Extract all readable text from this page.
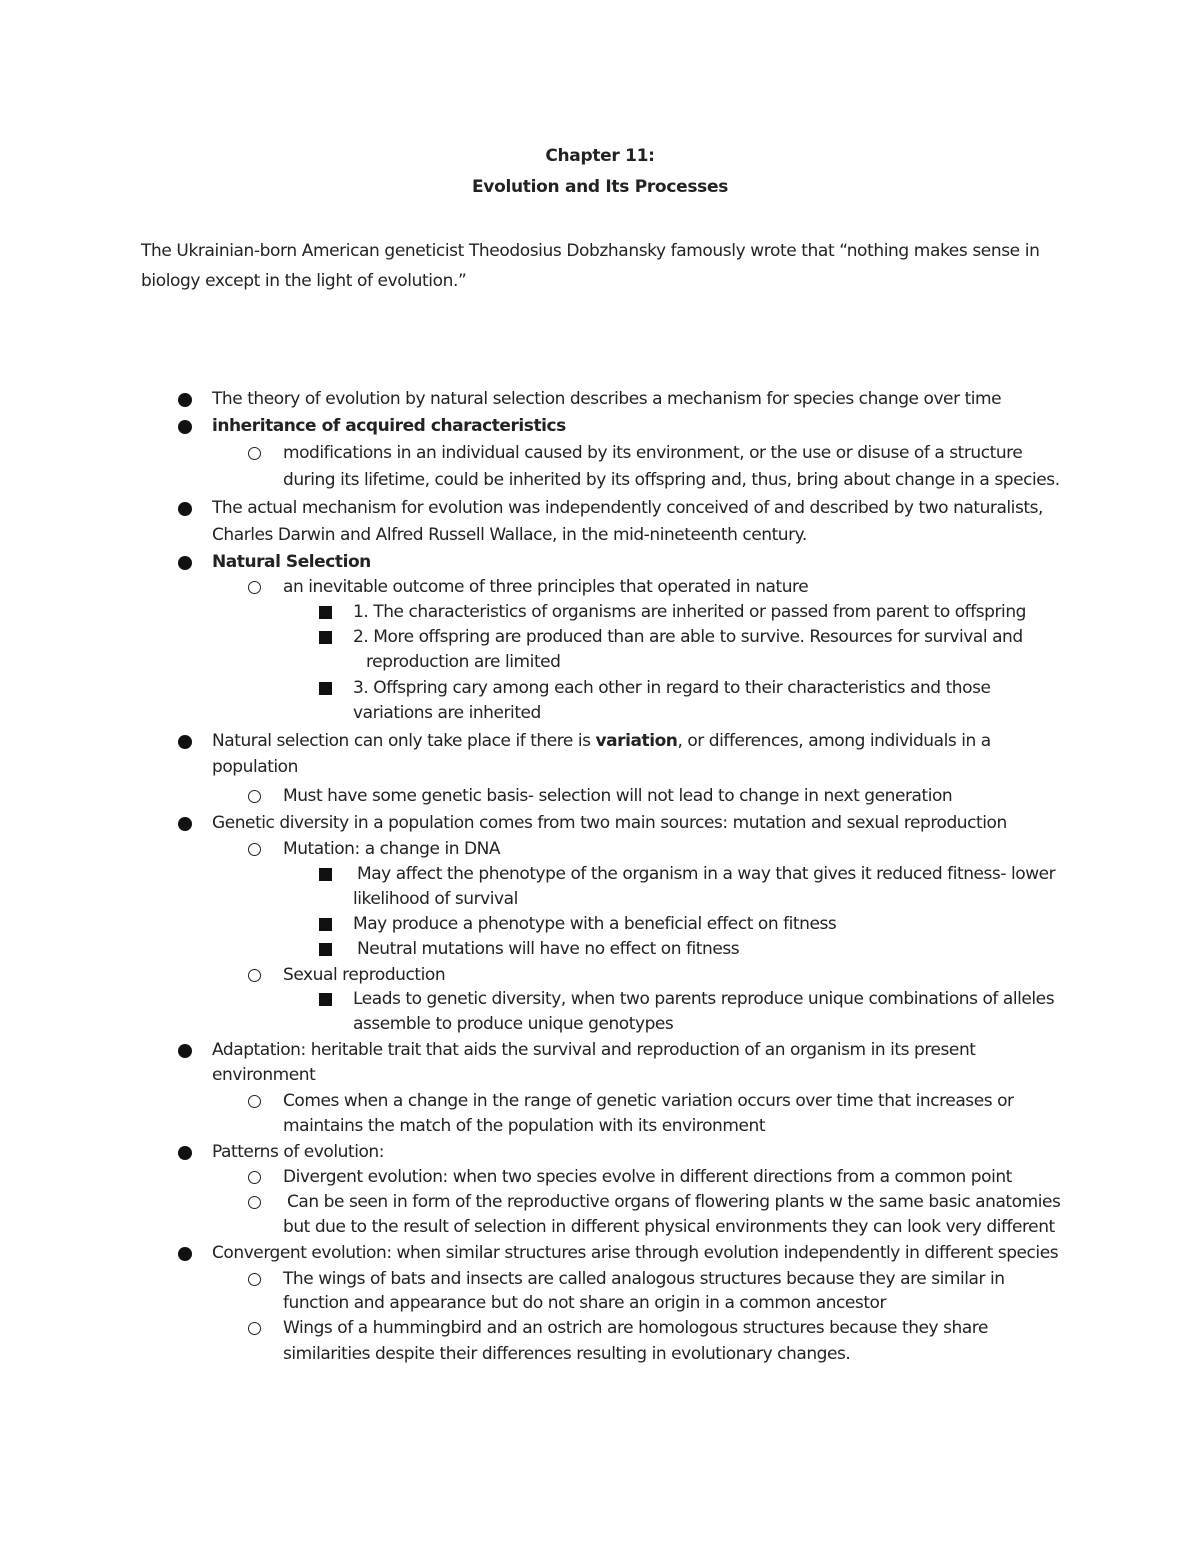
Chapter 11:
Evolution and Its Processes
The Ukrainian-born American geneticist Theodosius Dobzhansky famously wrote that “nothing makes sense in biology except in the light of evolution.”
The theory of evolution by natural selection describes a mechanism for species change over time
inheritance of acquired characteristics
modifications in an individual caused by its environment, or the use or disuse of a structure
during its lifetime, could be inherited by its offspring and, thus, bring about change in a species.
The actual mechanism for evolution was independently conceived of and described by two naturalists,
Charles Darwin and Alfred Russell Wallace, in the mid-nineteenth century.
Natural Selection
an inevitable outcome of three principles that operated in nature
1. The characteristics of organisms are inherited or passed from parent to offspring
2. More offspring are produced than are able to survive. Resources for survival and
reproduction are limited
3. Offspring cary among each other in regard to their characteristics and those
variations are inherited
Natural selection can only take place if there is variation, or differences, among individuals in a
population
Must have some genetic basis- selection will not lead to change in next generation
Genetic diversity in a population comes from two main sources: mutation and sexual reproduction
Mutation: a change in DNA
May affect the phenotype of the organism in a way that gives it reduced fitness- lower
likelihood of survival
May produce a phenotype with a beneficial effect on fitness
Neutral mutations will have no effect on fitness
Sexual reproduction
Leads to genetic diversity, when two parents reproduce unique combinations of alleles
assemble to produce unique genotypes
Adaptation: heritable trait that aids the survival and reproduction of an organism in its present
environment
Comes when a change in the range of genetic variation occurs over time that increases or
maintains the match of the population with its environment
Patterns of evolution:
Divergent evolution: when two species evolve in different directions from a common point
Can be seen in form of the reproductive organs of flowering plants w the same basic anatomies
but due to the result of selection in different physical environments they can look very different
Convergent evolution: when similar structures arise through evolution independently in different species
The wings of bats and insects are called analogous structures because they are similar in
function and appearance but do not share an origin in a common ancestor
Wings of a hummingbird and an ostrich are homologous structures because they share
similarities despite their differences resulting in evolutionary changes.
